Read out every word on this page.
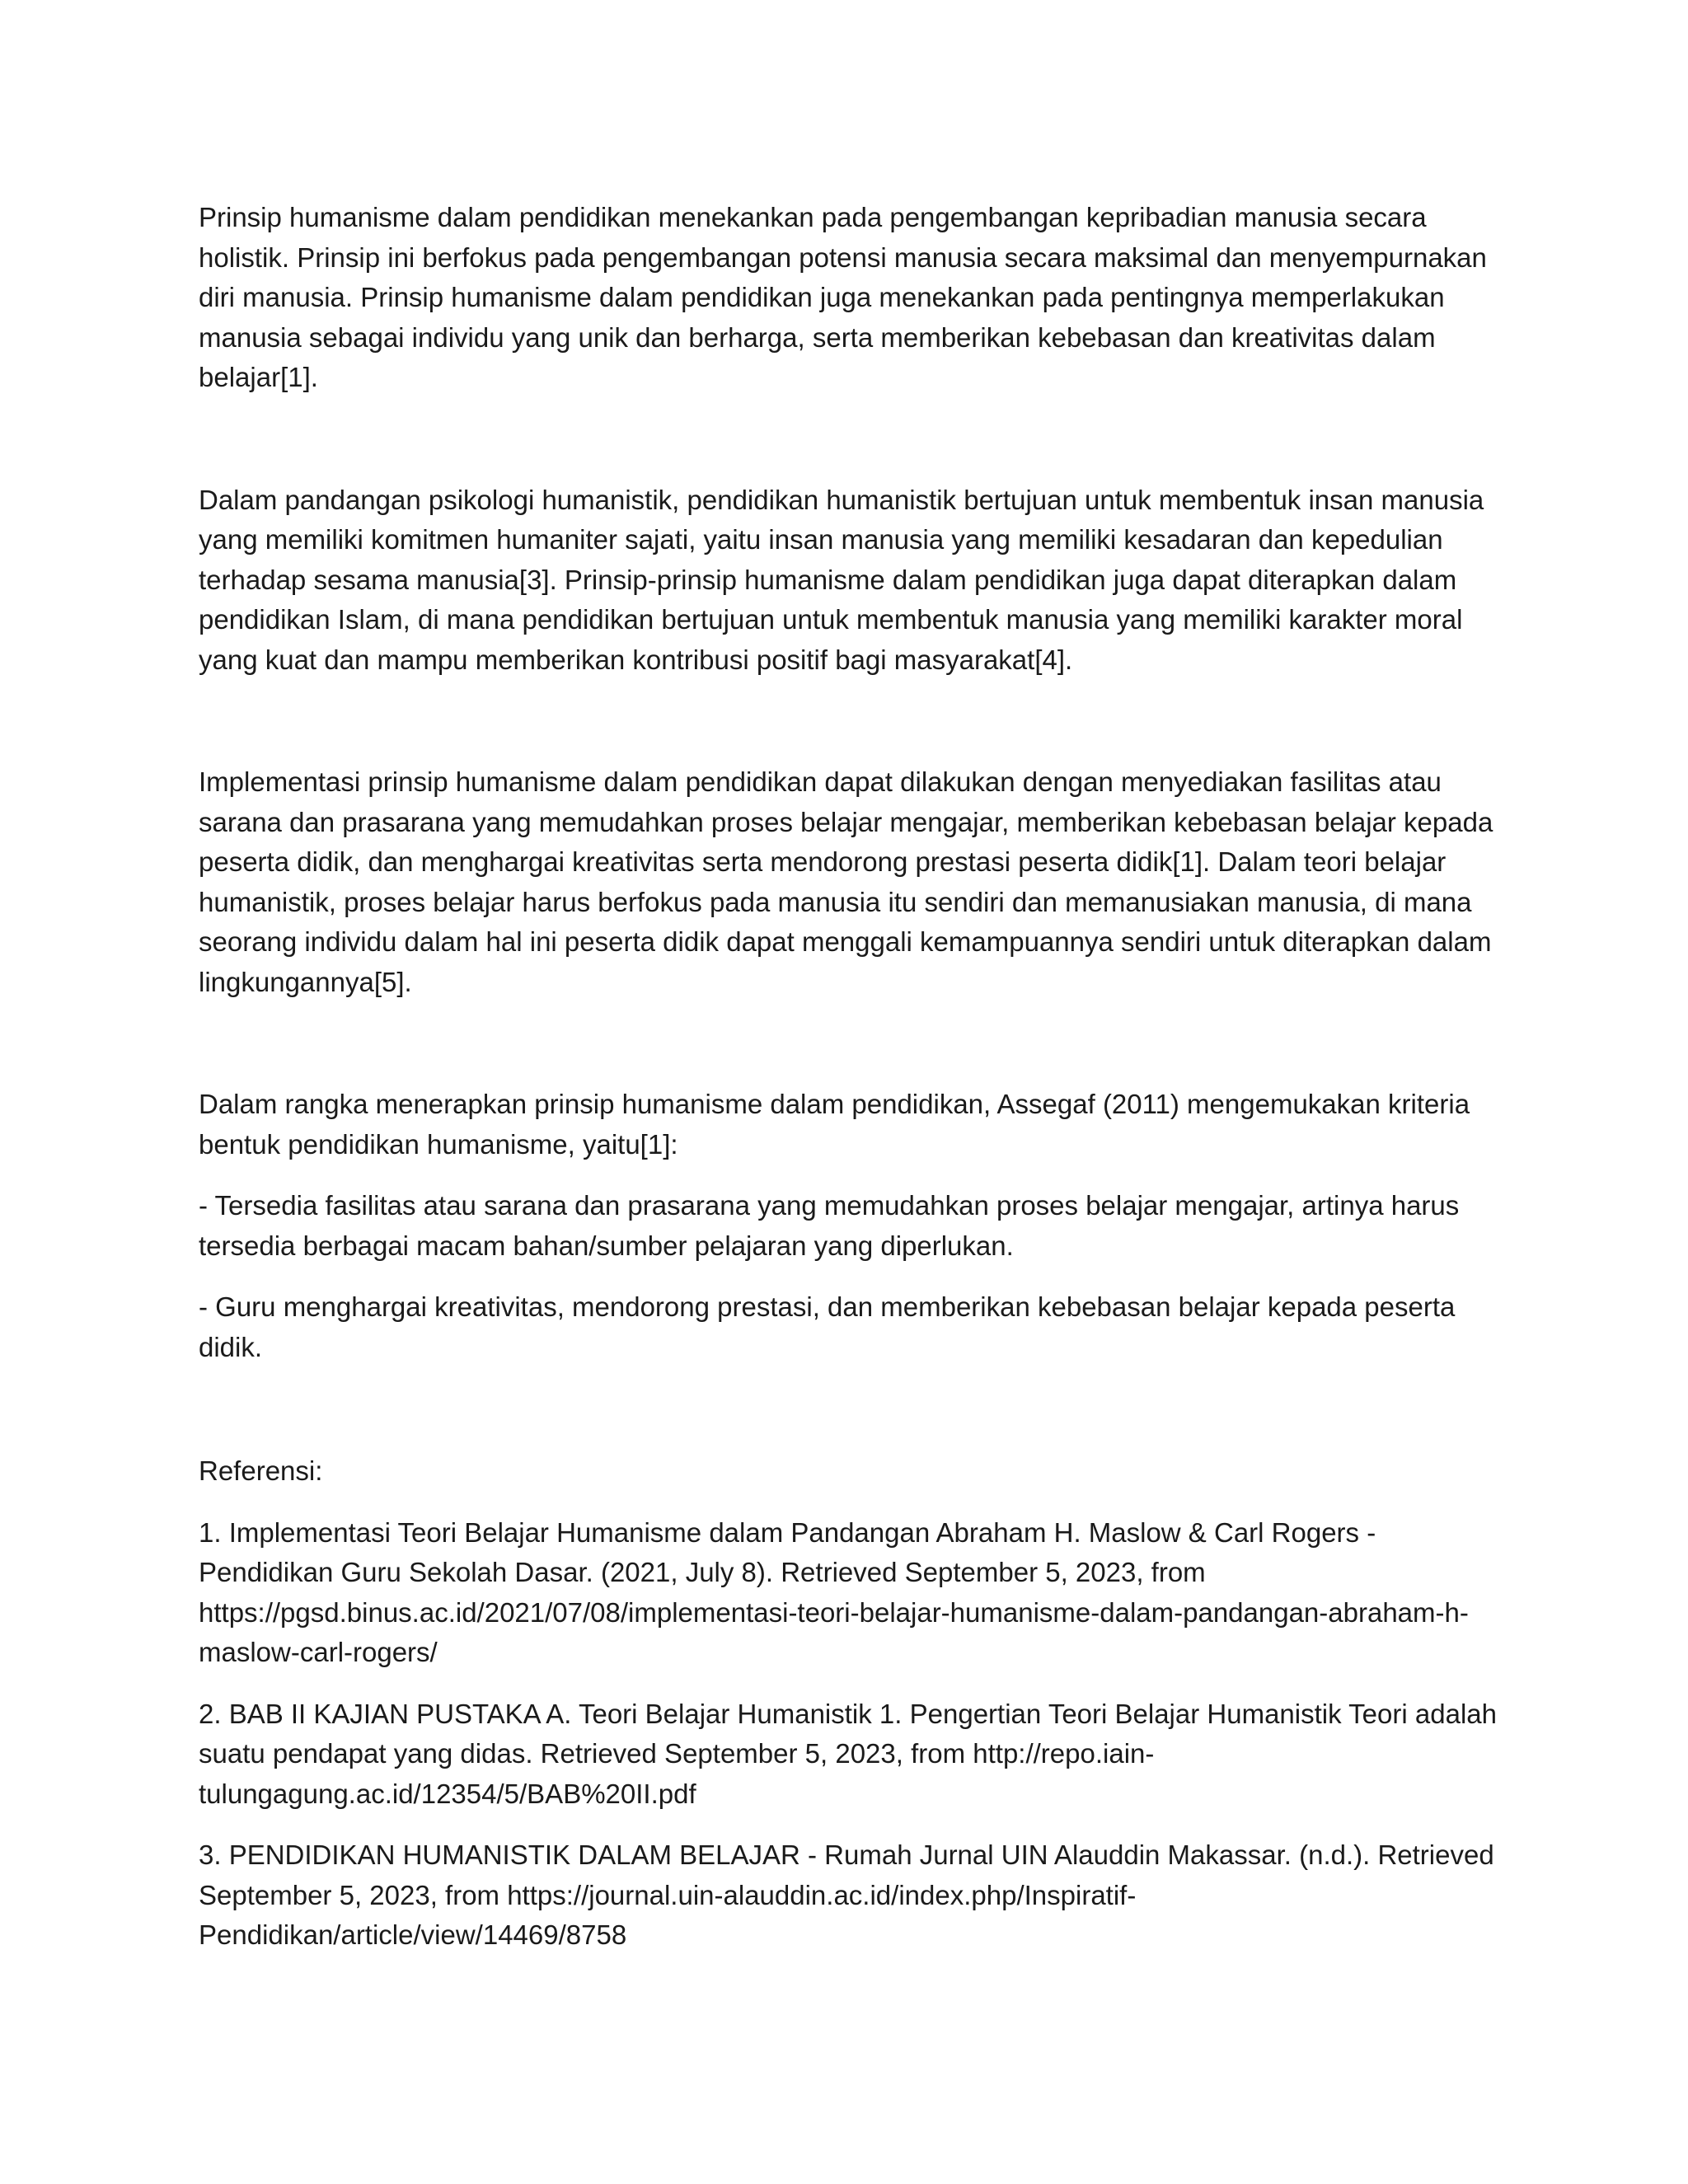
Prinsip humanisme dalam pendidikan menekankan pada pengembangan kepribadian manusia secara holistik. Prinsip ini berfokus pada pengembangan potensi manusia secara maksimal dan menyempurnakan diri manusia. Prinsip humanisme dalam pendidikan juga menekankan pada pentingnya memperlakukan manusia sebagai individu yang unik dan berharga, serta memberikan kebebasan dan kreativitas dalam belajar[1].

Dalam pandangan psikologi humanistik, pendidikan humanistik bertujuan untuk membentuk insan manusia yang memiliki komitmen humaniter sajati, yaitu insan manusia yang memiliki kesadaran dan kepedulian terhadap sesama manusia[3]. Prinsip-prinsip humanisme dalam pendidikan juga dapat diterapkan dalam pendidikan Islam, di mana pendidikan bertujuan untuk membentuk manusia yang memiliki karakter moral yang kuat dan mampu memberikan kontribusi positif bagi masyarakat[4].

Implementasi prinsip humanisme dalam pendidikan dapat dilakukan dengan menyediakan fasilitas atau sarana dan prasarana yang memudahkan proses belajar mengajar, memberikan kebebasan belajar kepada peserta didik, dan menghargai kreativitas serta mendorong prestasi peserta didik[1]. Dalam teori belajar humanistik, proses belajar harus berfokus pada manusia itu sendiri dan memanusiakan manusia, di mana seorang individu dalam hal ini peserta didik dapat menggali kemampuannya sendiri untuk diterapkan dalam lingkungannya[5].

Dalam rangka menerapkan prinsip humanisme dalam pendidikan, Assegaf (2011) mengemukakan kriteria bentuk pendidikan humanisme, yaitu[1]:

- Tersedia fasilitas atau sarana dan prasarana yang memudahkan proses belajar mengajar, artinya harus tersedia berbagai macam bahan/sumber pelajaran yang diperlukan.

- Guru menghargai kreativitas, mendorong prestasi, dan memberikan kebebasan belajar kepada peserta didik.

Referensi:

1. Implementasi Teori Belajar Humanisme dalam Pandangan Abraham H. Maslow & Carl Rogers - Pendidikan Guru Sekolah Dasar. (2021, July 8). Retrieved September 5, 2023, from https://pgsd.binus.ac.id/2021/07/08/implementasi-teori-belajar-humanisme-dalam-pandangan-abraham-h-maslow-carl-rogers/

2. BAB II KAJIAN PUSTAKA A. Teori Belajar Humanistik 1. Pengertian Teori Belajar Humanistik Teori adalah suatu pendapat yang didas. Retrieved September 5, 2023, from http://repo.iain-tulungagung.ac.id/12354/5/BAB%20II.pdf

3. PENDIDIKAN HUMANISTIK DALAM BELAJAR - Rumah Jurnal UIN Alauddin Makassar. (n.d.). Retrieved September 5, 2023, from https://journal.uin-alauddin.ac.id/index.php/Inspiratif-Pendidikan/article/view/14469/8758
